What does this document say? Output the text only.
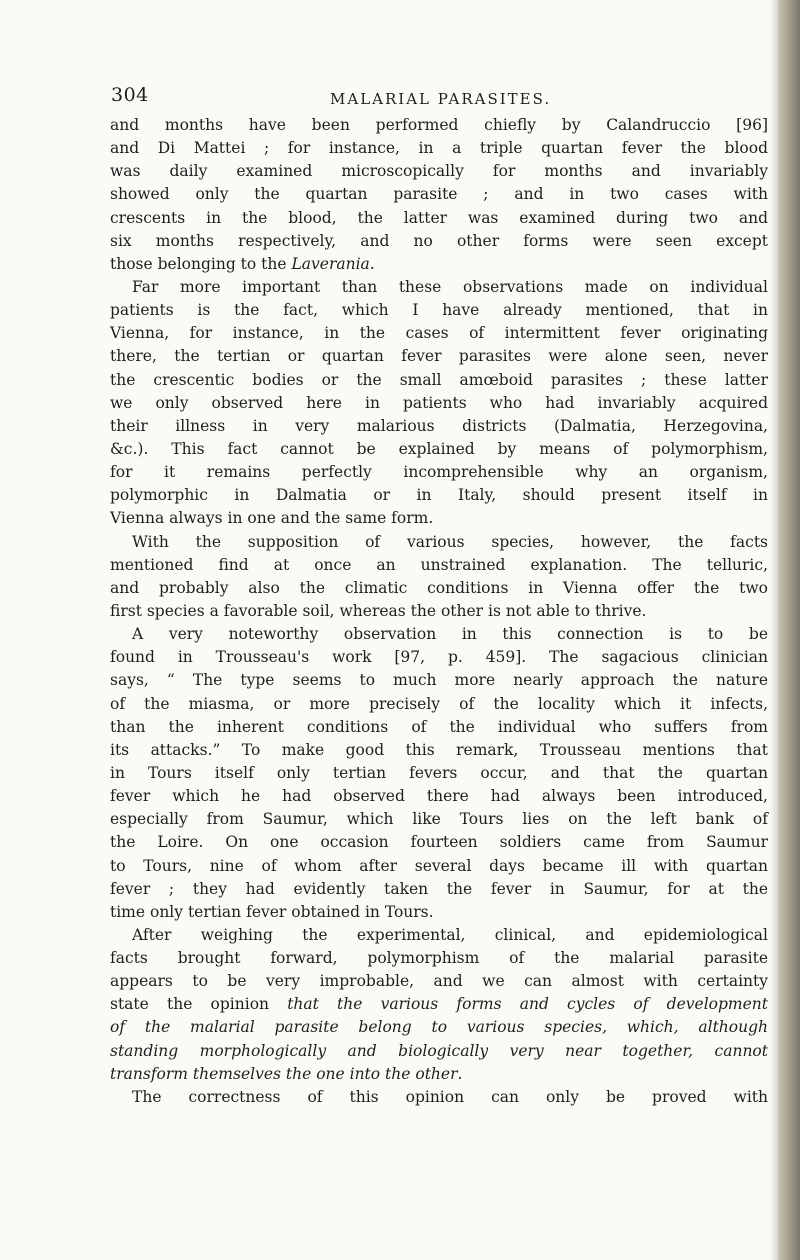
304	MALARIAL PARASITES.
and months have been performed chiefly by Calandruccio [96]
and Di Mattei ; for instance, in a triple quartan fever the blood
was daily examined microscopically for months and invariably
showed only the quartan parasite ; and in two cases with
crescents in the blood, the latter was examined during two and
six months respectively, and no other forms were seen except
those belonging to the Laverania.
Far more important than these observations made on individual
patients is the fact, which I have already mentioned, that in
Vienna, for instance, in the cases of intermittent fever originating
there, the tertian or quartan fever parasites were alone seen, never
the crescentic bodies or the small amœboid parasites ; these latter
we only observed here in patients who had invariably acquired
their illness in very malarious districts (Dalmatia, Herzegovina,
&c.). This fact cannot be explained by means of polymorphism,
for it remains perfectly incomprehensible why an organism,
polymorphic in Dalmatia or in Italy, should present itself in
Vienna always in one and the same form.
With the supposition of various species, however, the facts
mentioned find at once an unstrained explanation. The telluric,
and probably also the climatic conditions in Vienna offer the two
first species a favorable soil, whereas the other is not able to thrive.
A very noteworthy observation in this connection is to be
found in Trousseau's work [97, p. 459]. The sagacious clinician
says, “ The type seems to much more nearly approach the nature
of the miasma, or more precisely of the locality which it infects,
than the inherent conditions of the individual who suffers from
its attacks.” To make good this remark, Trousseau mentions that
in Tours itself only tertian fevers occur, and that the quartan
fever which he had observed there had always been introduced,
especially from Saumur, which like Tours lies on the left bank of
the Loire. On one occasion fourteen soldiers came from Saumur
to Tours, nine of whom after several days became ill with quartan
fever ; they had evidently taken the fever in Saumur, for at the
time only tertian fever obtained in Tours.
After weighing the experimental, clinical, and epidemiological
facts brought forward, polymorphism of the malarial parasite
appears to be very improbable, and we can almost with certainty
state the opinion that the various forms and cycles of development
of the malarial parasite belong to various species, which, although
standing morphologically and biologically very near together, cannot
transform themselves the one into the other.
The correctness of this opinion can only be proved with
